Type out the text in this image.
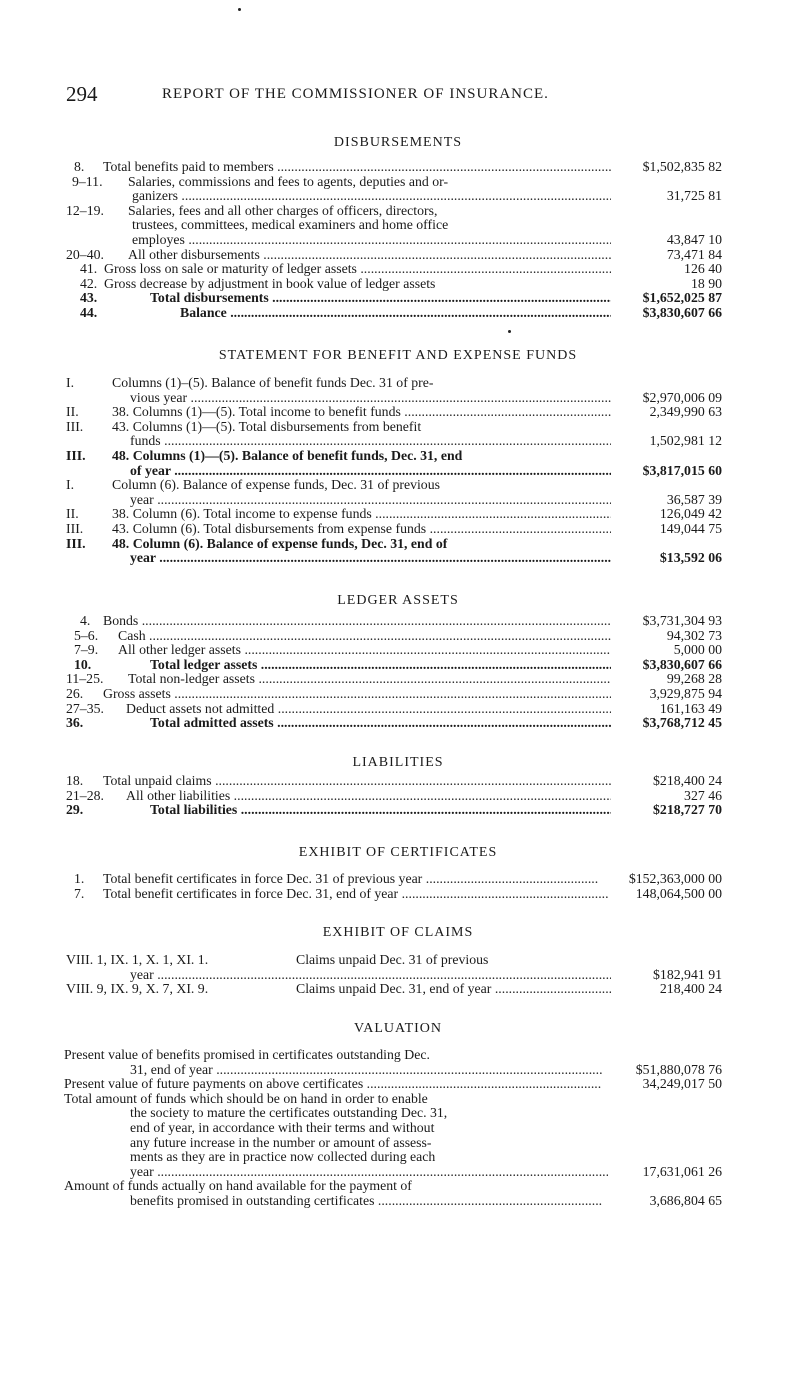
294	REPORT OF THE COMMISSIONER OF INSURANCE.
DISBURSEMENTS
8. Total benefits paid to members .....	$1,502,835 82
9–11. Salaries, commissions and fees to agents, deputies and or-
ganizers .....	31,725 81
12–19. Salaries, fees and all other charges of officers, directors,
trustees, committees, medical examiners and home office
employes .....	43,847 10
20–40. All other disbursements .....	73,471 84
41. Gross loss on sale or maturity of ledger assets .....	126 40
42. Gross decrease by adjustment in book value of ledger assets	18 90
43.	Total disbursements .....	$1,652,025 87
44.	Balance .....	$3,830,607 66
STATEMENT FOR BENEFIT AND EXPENSE FUNDS
I.	Columns (1)–(5). Balance of benefit funds Dec. 31 of pre-
vious year .....	$2,970,006 09
II. 38. Columns (1)—(5). Total income to benefit funds .....	2,349,990 63
III. 43. Columns (1)—(5). Total disbursements from benefit
funds .....	1,502,981 12
III. 48. Columns (1)—(5). Balance of benefit funds, Dec. 31, end
of year .....	$3,817,015 60
I.	Column (6). Balance of expense funds, Dec. 31 of previous
year .....	36,587 39
II. 38. Column (6). Total income to expense funds .....	126,049 42
III. 43. Column (6). Total disbursements from expense funds .....	149,044 75
III. 48. Column (6). Balance of expense funds, Dec. 31, end of
year .....	$13,592 06
LEDGER ASSETS
4. Bonds .....	$3,731,304 93
5–6. Cash .....	94,302 73
7–9. All other ledger assets .....	5,000 00
10.	Total ledger assets .....	$3,830,607 66
11–25. Total non-ledger assets .....	99,268 28
26. Gross assets .....	3,929,875 94
27–35. Deduct assets not admitted .....	161,163 49
36.	Total admitted assets .....	$3,768,712 45
LIABILITIES
18. Total unpaid claims .....	$218,400 24
21–28. All other liabilities .....	327 46
29.	Total liabilities .....	$218,727 70
EXHIBIT OF CERTIFICATES
1. Total benefit certificates in force Dec. 31 of previous year .....	$152,363,000 00
7. Total benefit certificates in force Dec. 31, end of year .....	148,064,500 00
EXHIBIT OF CLAIMS
VIII. 1, IX. 1, X. 1, XI. 1.	Claims unpaid Dec. 31 of previous
year .....	$182,941 91
VIII. 9, IX. 9, X. 7, XI. 9.	Claims unpaid Dec. 31, end of year .....	218,400 24
VALUATION
Present value of benefits promised in certificates outstanding Dec.
31, end of year .....	$51,880,078 76
Present value of future payments on above certificates .....	34,249,017 50
Total amount of funds which should be on hand in order to enable
the society to mature the certificates outstanding Dec. 31,
end of year, in accordance with their terms and without
any future increase in the number or amount of assess-
ments as they are in practice now collected during each
year .....	17,631,061 26
Amount of funds actually on hand available for the payment of
benefits promised in outstanding certificates .....	3,686,804 65
